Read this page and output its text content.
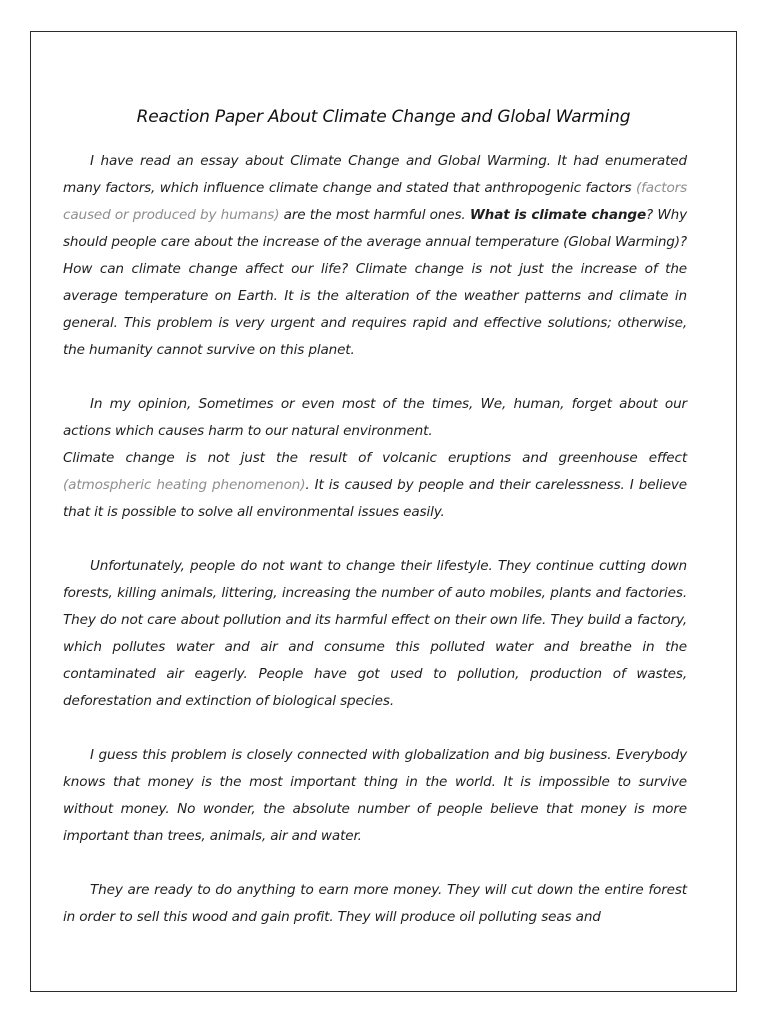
Reaction Paper About Climate Change and Global Warming

I have read an essay about Climate Change and Global Warming. It had enumerated many factors, which influence climate change and stated that anthropogenic factors (factors caused or produced by humans) are the most harmful ones. What is climate change? Why should people care about the increase of the average annual temperature (Global Warming)? How can climate change affect our life? Climate change is not just the increase of the average temperature on Earth. It is the alteration of the weather patterns and climate in general. This problem is very urgent and requires rapid and effective solutions; otherwise, the humanity cannot survive on this planet.

In my opinion, Sometimes or even most of the times, We, human, forget about our actions which causes harm to our natural environment.
Climate change is not just the result of volcanic eruptions and greenhouse effect (atmospheric heating phenomenon). It is caused by people and their carelessness. I believe that it is possible to solve all environmental issues easily.

Unfortunately, people do not want to change their lifestyle. They continue cutting down forests, killing animals, littering, increasing the number of auto mobiles, plants and factories. They do not care about pollution and its harmful effect on their own life. They build a factory, which pollutes water and air and consume this polluted water and breathe in the contaminated air eagerly. People have got used to pollution, production of wastes, deforestation and extinction of biological species.

I guess this problem is closely connected with globalization and big business. Everybody knows that money is the most important thing in the world. It is impossible to survive without money. No wonder, the absolute number of people believe that money is more important than trees, animals, air and water.

They are ready to do anything to earn more money. They will cut down the entire forest in order to sell this wood and gain profit. They will produce oil polluting seas and
